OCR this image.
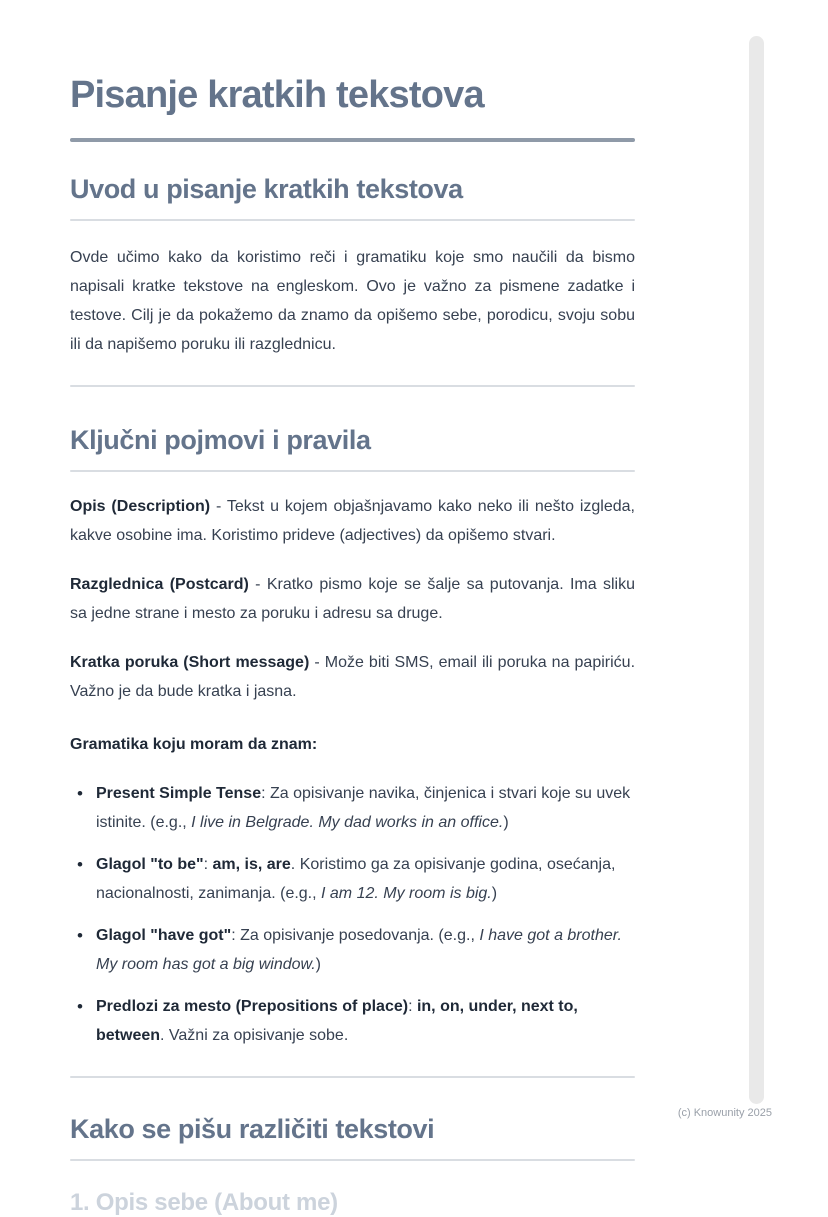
Pisanje kratkih tekstova
Uvod u pisanje kratkih tekstova

Ovde učimo kako da koristimo reči i gramatiku koje smo naučili da bismo napisali kratke tekstove na engleskom. Ovo je važno za pismene zadatke i testove. Cilj je da pokažemo da znamo da opišemo sebe, porodicu, svoju sobu ili da napišemo poruku ili razglednicu.

Ključni pojmovi i pravila

Opis (Description) - Tekst u kojem objašnjavamo kako neko ili nešto izgleda, kakve osobine ima. Koristimo prideve (adjectives) da opišemo stvari.

Razglednica (Postcard) - Kratko pismo koje se šalje sa putovanja. Ima sliku sa jedne strane i mesto za poruku i adresu sa druge.

Kratka poruka (Short message) - Može biti SMS, email ili poruka na papiriću. Važno je da bude kratka i jasna.

Gramatika koju moram da znam:

• Present Simple Tense: Za opisivanje navika, činjenica i stvari koje su uvek istinite. (e.g., I live in Belgrade. My dad works in an office.)
• Glagol "to be": am, is, are. Koristimo ga za opisivanje godina, osećanja, nacionalnosti, zanimanja. (e.g., I am 12. My room is big.)
• Glagol "have got": Za opisivanje posedovanja. (e.g., I have got a brother. My room has got a big window.)
• Predlozi za mesto (Prepositions of place): in, on, under, next to, between. Važni za opisivanje sobe.
Kako se pišu različiti tekstovi
1. Opis sebe (About me)
(c) Knowunity 2025
